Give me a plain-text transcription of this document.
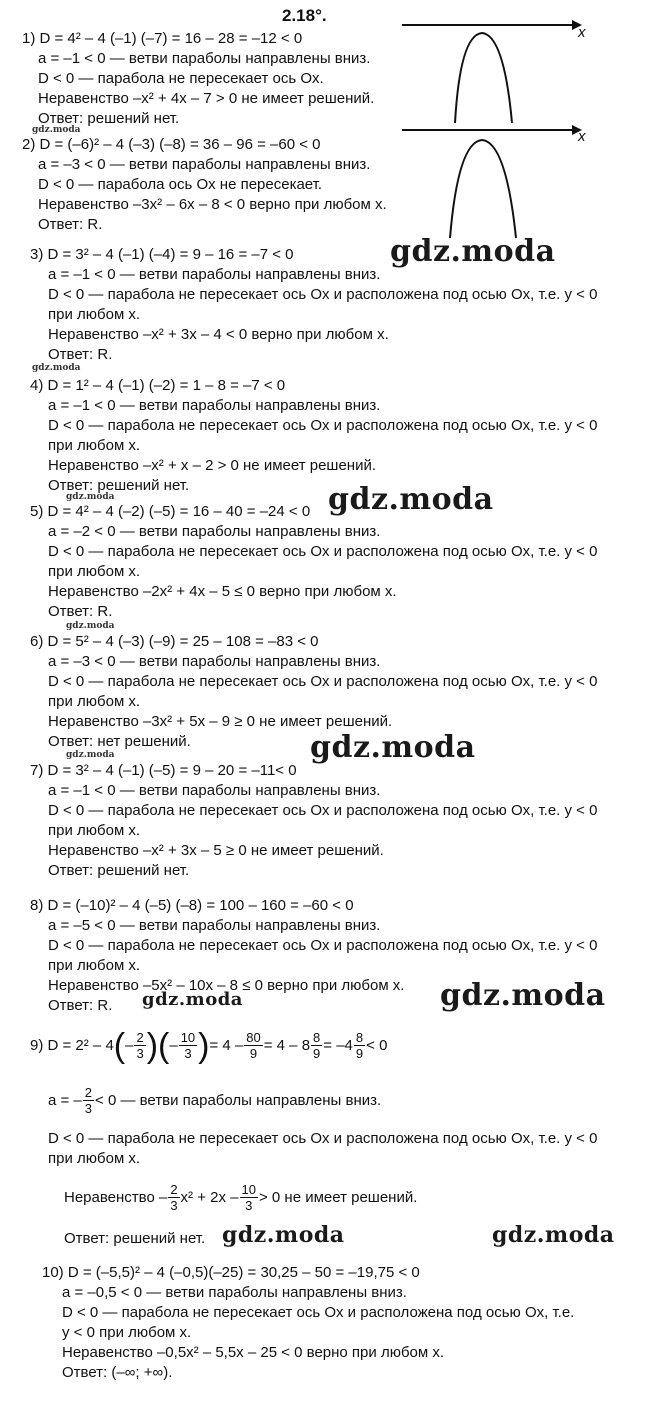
2.18°.
x
x
1) D = 4² – 4 (–1) (–7) = 16 – 28 = –12 < 0
a = –1 < 0 — ветви параболы направлены вниз.
D < 0 — парабола не пересекает ось Ox.
Неравенство –x² + 4x – 7 > 0 не имеет решений.
Ответ: решений нет.
2) D = (–6)² – 4 (–3) (–8) = 36 – 96 = –60 < 0
a = –3 < 0 — ветви параболы направлены вниз.
D < 0 — парабола ось Ox не пересекает.
Неравенство –3x² – 6x – 8 < 0 верно при любом x.
Ответ: R.
3) D = 3² – 4 (–1) (–4) = 9 – 16 = –7 < 0
a = –1 < 0 — ветви параболы направлены вниз.
D < 0 — парабола не пересекает ось Ox и расположена под осью Ox, т.е. y < 0
при любом x.
Неравенство –x² + 3x – 4 < 0 верно при любом x.
Ответ: R.
4) D = 1² – 4 (–1) (–2) = 1 – 8 = –7 < 0
a = –1 < 0 — ветви параболы направлены вниз.
D < 0 — парабола не пересекает ось Ox и расположена под осью Ox, т.е. y < 0
при любом x.
Неравенство –x² + x – 2 > 0 не имеет решений.
Ответ: решений нет.
5) D = 4² – 4 (–2) (–5) = 16 – 40 = –24 < 0
a = –2 < 0 — ветви параболы направлены вниз.
D < 0 — парабола не пересекает ось Ox и расположена под осью Ox, т.е. y < 0
при любом x.
Неравенство –2x² + 4x – 5 ≤ 0 верно при любом x.
Ответ: R.
6) D = 5² – 4 (–3) (–9) = 25 – 108 = –83 < 0
a = –3 < 0 — ветви параболы направлены вниз.
D < 0 — парабола не пересекает ось Ox и расположена под осью Ox, т.е. y < 0
при любом x.
Неравенство –3x² + 5x – 9 ≥ 0 не имеет решений.
Ответ: нет решений.
7) D = 3² – 4 (–1) (–5) = 9 – 20 = –11< 0
a = –1 < 0 — ветви параболы направлены вниз.
D < 0 — парабола не пересекает ось Ox и расположена под осью Ox, т.е. y < 0
при любом x.
Неравенство –x² + 3x – 5 ≥ 0 не имеет решений.
Ответ: решений нет.
8) D = (–10)² – 4 (–5) (–8) = 100 – 160 = –60 < 0
a = –5 < 0 — ветви параболы направлены вниз.
D < 0 — парабола не пересекает ось Ox и расположена под осью Ox, т.е. y < 0
при любом x.
Неравенство –5x² – 10x – 8 ≤ 0 верно при любом x.
Ответ: R.
9) D = 2² – 4 ( – $\frac{2}{3}$ )( – $\frac{10}{3}$ ) = $4 - \frac{80}{9} = 4 - 8 \frac{8}{9} = -4 \frac{8}{9} < 0$
a = – $\frac{2}{3} < 0$ — ветви параболы направлены вниз.
D < 0 — парабола не пересекает ось Ox и расположена под осью Ox, т.е. y < 0
при любом x.
Неравенство – $\frac{2}{3} x^2 + 2x - \frac{10}{3} > 0$ не имеет решений.
Ответ: решений нет.
10) D = (–5,5)² – 4 (–0,5)(–25) = 30,25 – 50 = –19,75 < 0
a = –0,5 < 0 — ветви параболы направлены вниз.
D < 0 — парабола не пересекает ось Ox и расположена под осью Ox, т.е.
y < 0 при любом x.
Неравенство –0,5x² – 5,5x – 25 < 0 верно при любом x.
Ответ: (–∞; +∞).
gdz.moda
gdz.moda
gdz.moda
gdz.moda
gdz.moda
gdz.moda
gdz.moda
gdz.moda
gdz.moda
gdz.moda
gdz.moda	gdz.moda
